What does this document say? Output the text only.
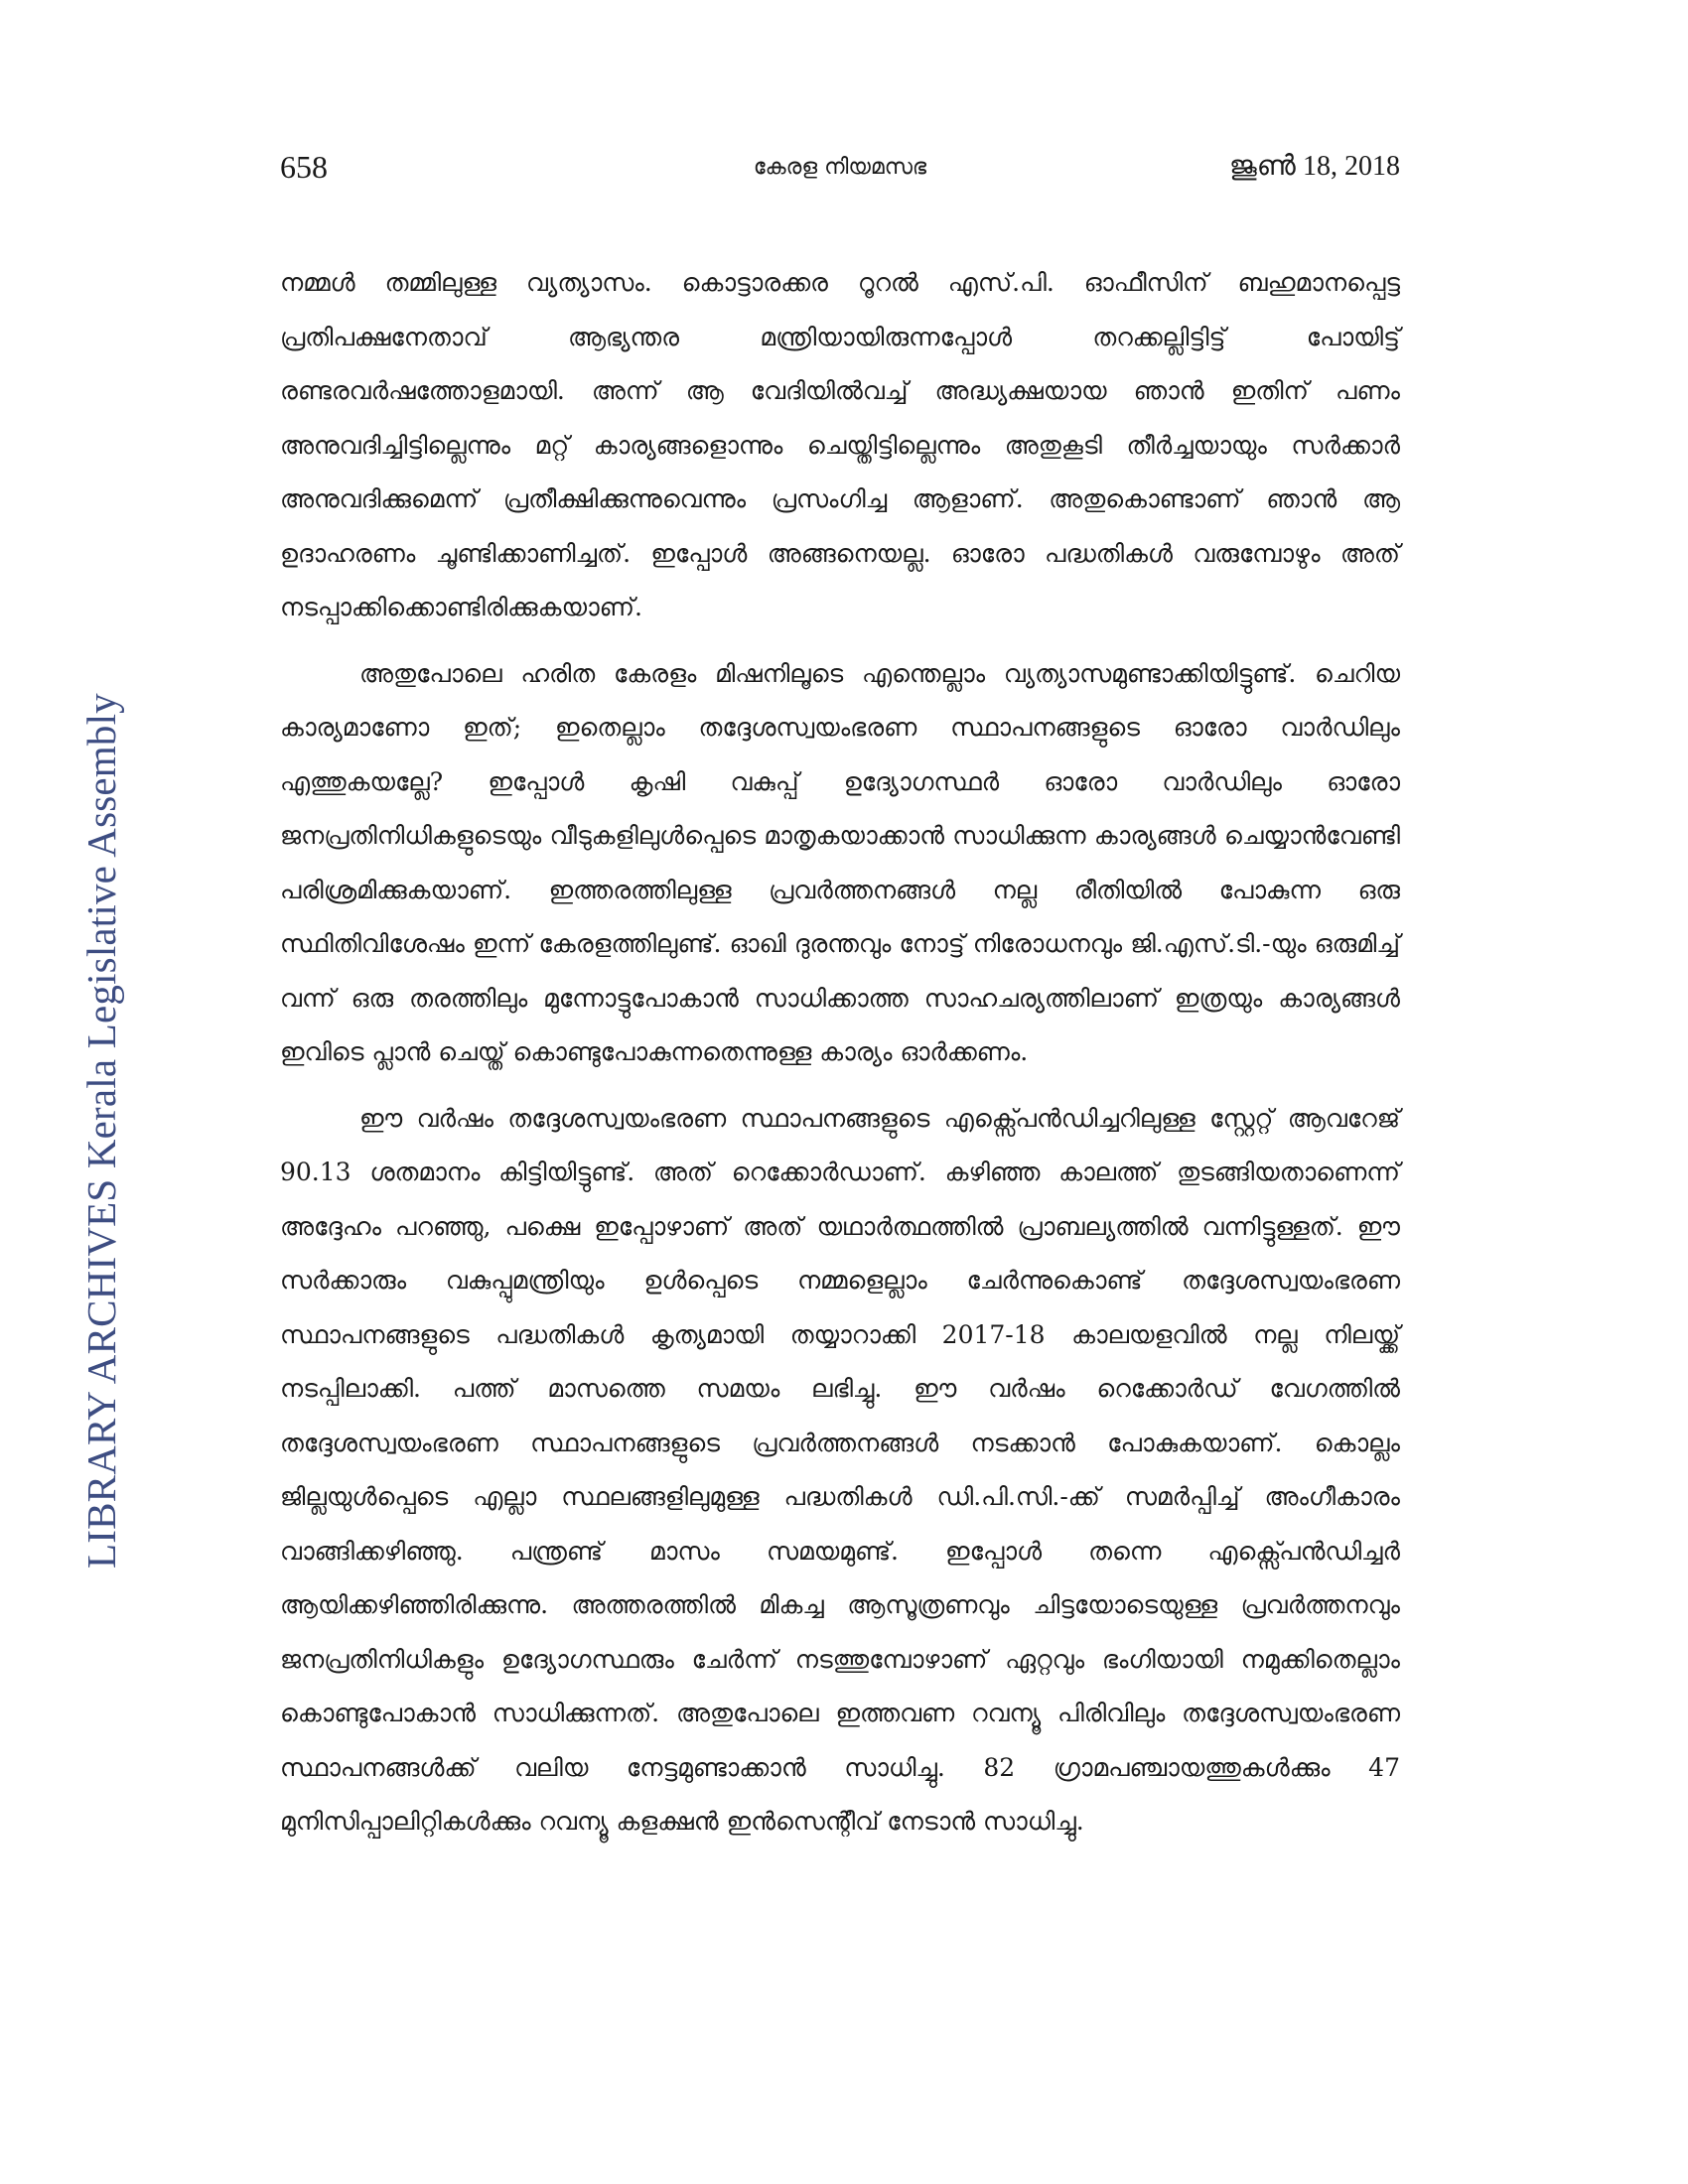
658	കേരള നിയമസഭ	ജൂൺ 18, 2018
LIBRARY ARCHIVES Kerala Legislative Assembly

നമ്മൾ തമ്മിലുള്ള വ്യത്യാസം. കൊട്ടാരക്കര റൂറൽ എസ്.പി. ഓഫീസിന് ബഹുമാനപ്പെട്ട പ്രതിപക്ഷനേതാവ് ആഭ്യന്തര മന്ത്രിയായിരുന്നപ്പോൾ തറക്കല്ലിട്ടിട്ട് പോയിട്ട് രണ്ടരവർഷത്തോളമായി. അന്ന് ആ വേദിയിൽവച്ച് അദ്ധ്യക്ഷയായ ഞാൻ ഇതിന് പണം അനുവദിച്ചിട്ടില്ലെന്നും മറ്റ് കാര്യങ്ങളൊന്നും ചെയ്തിട്ടില്ലെന്നും അതുകൂടി തീർച്ചയായും സർക്കാർ അനുവദിക്കുമെന്ന് പ്രതീക്ഷിക്കുന്നുവെന്നും പ്രസംഗിച്ച ആളാണ്. അതുകൊണ്ടാണ് ഞാൻ ആ ഉദാഹരണം ചൂണ്ടിക്കാണിച്ചത്. ഇപ്പോൾ അങ്ങനെയല്ല. ഓരോ പദ്ധതികൾ വരുമ്പോഴും അത് നടപ്പാക്കിക്കൊണ്ടിരിക്കുകയാണ്.

അതുപോലെ ഹരിത കേരളം മിഷനിലൂടെ എന്തെല്ലാം വ്യത്യാസമുണ്ടാക്കിയിട്ടുണ്ട്. ചെറിയ കാര്യമാണോ ഇത്; ഇതെല്ലാം തദ്ദേശസ്വയംഭരണ സ്ഥാപനങ്ങളുടെ ഓരോ വാർഡിലും എത്തുകയല്ലേ? ഇപ്പോൾ കൃഷി വകുപ്പ് ഉദ്യോഗസ്ഥർ ഓരോ വാർഡിലും ഓരോ ജനപ്രതിനിധികളുടെയും വീടുകളിലുൾപ്പെടെ മാതൃകയാക്കാൻ സാധിക്കുന്ന കാര്യങ്ങൾ ചെയ്യാൻവേണ്ടി പരിശ്രമിക്കുകയാണ്. ഇത്തരത്തിലുള്ള പ്രവർത്തനങ്ങൾ നല്ല രീതിയിൽ പോകുന്ന ഒരു സ്ഥിതിവിശേഷം ഇന്ന് കേരളത്തിലുണ്ട്. ഓഖി ദുരന്തവും നോട്ട് നിരോധനവും ജി.എസ്.ടി.-യും ഒരുമിച്ച് വന്ന് ഒരു തരത്തിലും മുന്നോട്ടുപോകാൻ സാധിക്കാത്ത സാഹചര്യത്തിലാണ് ഇത്രയും കാര്യങ്ങൾ ഇവിടെ പ്ലാൻ ചെയ്ത് കൊണ്ടുപോകുന്നതെന്നുള്ള കാര്യം ഓർക്കണം.

ഈ വർഷം തദ്ദേശസ്വയംഭരണ സ്ഥാപനങ്ങളുടെ എക്സ്പെൻഡിച്ചറിലുള്ള സ്റ്റേറ്റ് ആവറേജ് 90.13 ശതമാനം കിട്ടിയിട്ടുണ്ട്. അത് റെക്കോർഡാണ്. കഴിഞ്ഞ കാലത്ത് തുടങ്ങിയതാണെന്ന് അദ്ദേഹം പറഞ്ഞു, പക്ഷെ ഇപ്പോഴാണ് അത് യഥാർത്ഥത്തിൽ പ്രാബല്യത്തിൽ വന്നിട്ടുള്ളത്. ഈ സർക്കാരും വകുപ്പുമന്ത്രിയും ഉൾപ്പെടെ നമ്മളെല്ലാം ചേർന്നുകൊണ്ട് തദ്ദേശസ്വയംഭരണ സ്ഥാപനങ്ങളുടെ പദ്ധതികൾ കൃത്യമായി തയ്യാറാക്കി 2017-18 കാലയളവിൽ നല്ല നിലയ്ക്ക് നടപ്പിലാക്കി. പത്ത് മാസത്തെ സമയം ലഭിച്ചു. ഈ വർഷം റെക്കോർഡ് വേഗത്തിൽ തദ്ദേശസ്വയംഭരണ സ്ഥാപനങ്ങളുടെ പ്രവർത്തനങ്ങൾ നടക്കാൻ പോകുകയാണ്. കൊല്ലം ജില്ലയുൾപ്പെടെ എല്ലാ സ്ഥലങ്ങളിലുമുള്ള പദ്ധതികൾ ഡി.പി.സി.-ക്ക് സമർപ്പിച്ച് അംഗീകാരം വാങ്ങിക്കഴിഞ്ഞു. പന്ത്രണ്ട് മാസം സമയമുണ്ട്. ഇപ്പോൾ തന്നെ എക്സ്പെൻഡിച്ചർ ആയിക്കഴിഞ്ഞിരിക്കുന്നു. അത്തരത്തിൽ മികച്ച ആസൂത്രണവും ചിട്ടയോടെയുള്ള പ്രവർത്തനവും ജനപ്രതിനിധികളും ഉദ്യോഗസ്ഥരും ചേർന്ന് നടത്തുമ്പോഴാണ് ഏറ്റവും ഭംഗിയായി നമുക്കിതെല്ലാം കൊണ്ടുപോകാൻ സാധിക്കുന്നത്. അതുപോലെ ഇത്തവണ റവന്യൂ പിരിവിലും തദ്ദേശസ്വയംഭരണ സ്ഥാപനങ്ങൾക്ക് വലിയ നേട്ടമുണ്ടാക്കാൻ സാധിച്ചു. 82 ഗ്രാമപഞ്ചായത്തുകൾക്കും 47 മുനിസിപ്പാലിറ്റികൾക്കും റവന്യൂ കളക്ഷൻ ഇൻസെന്റീവ് നേടാൻ സാധിച്ചു.
